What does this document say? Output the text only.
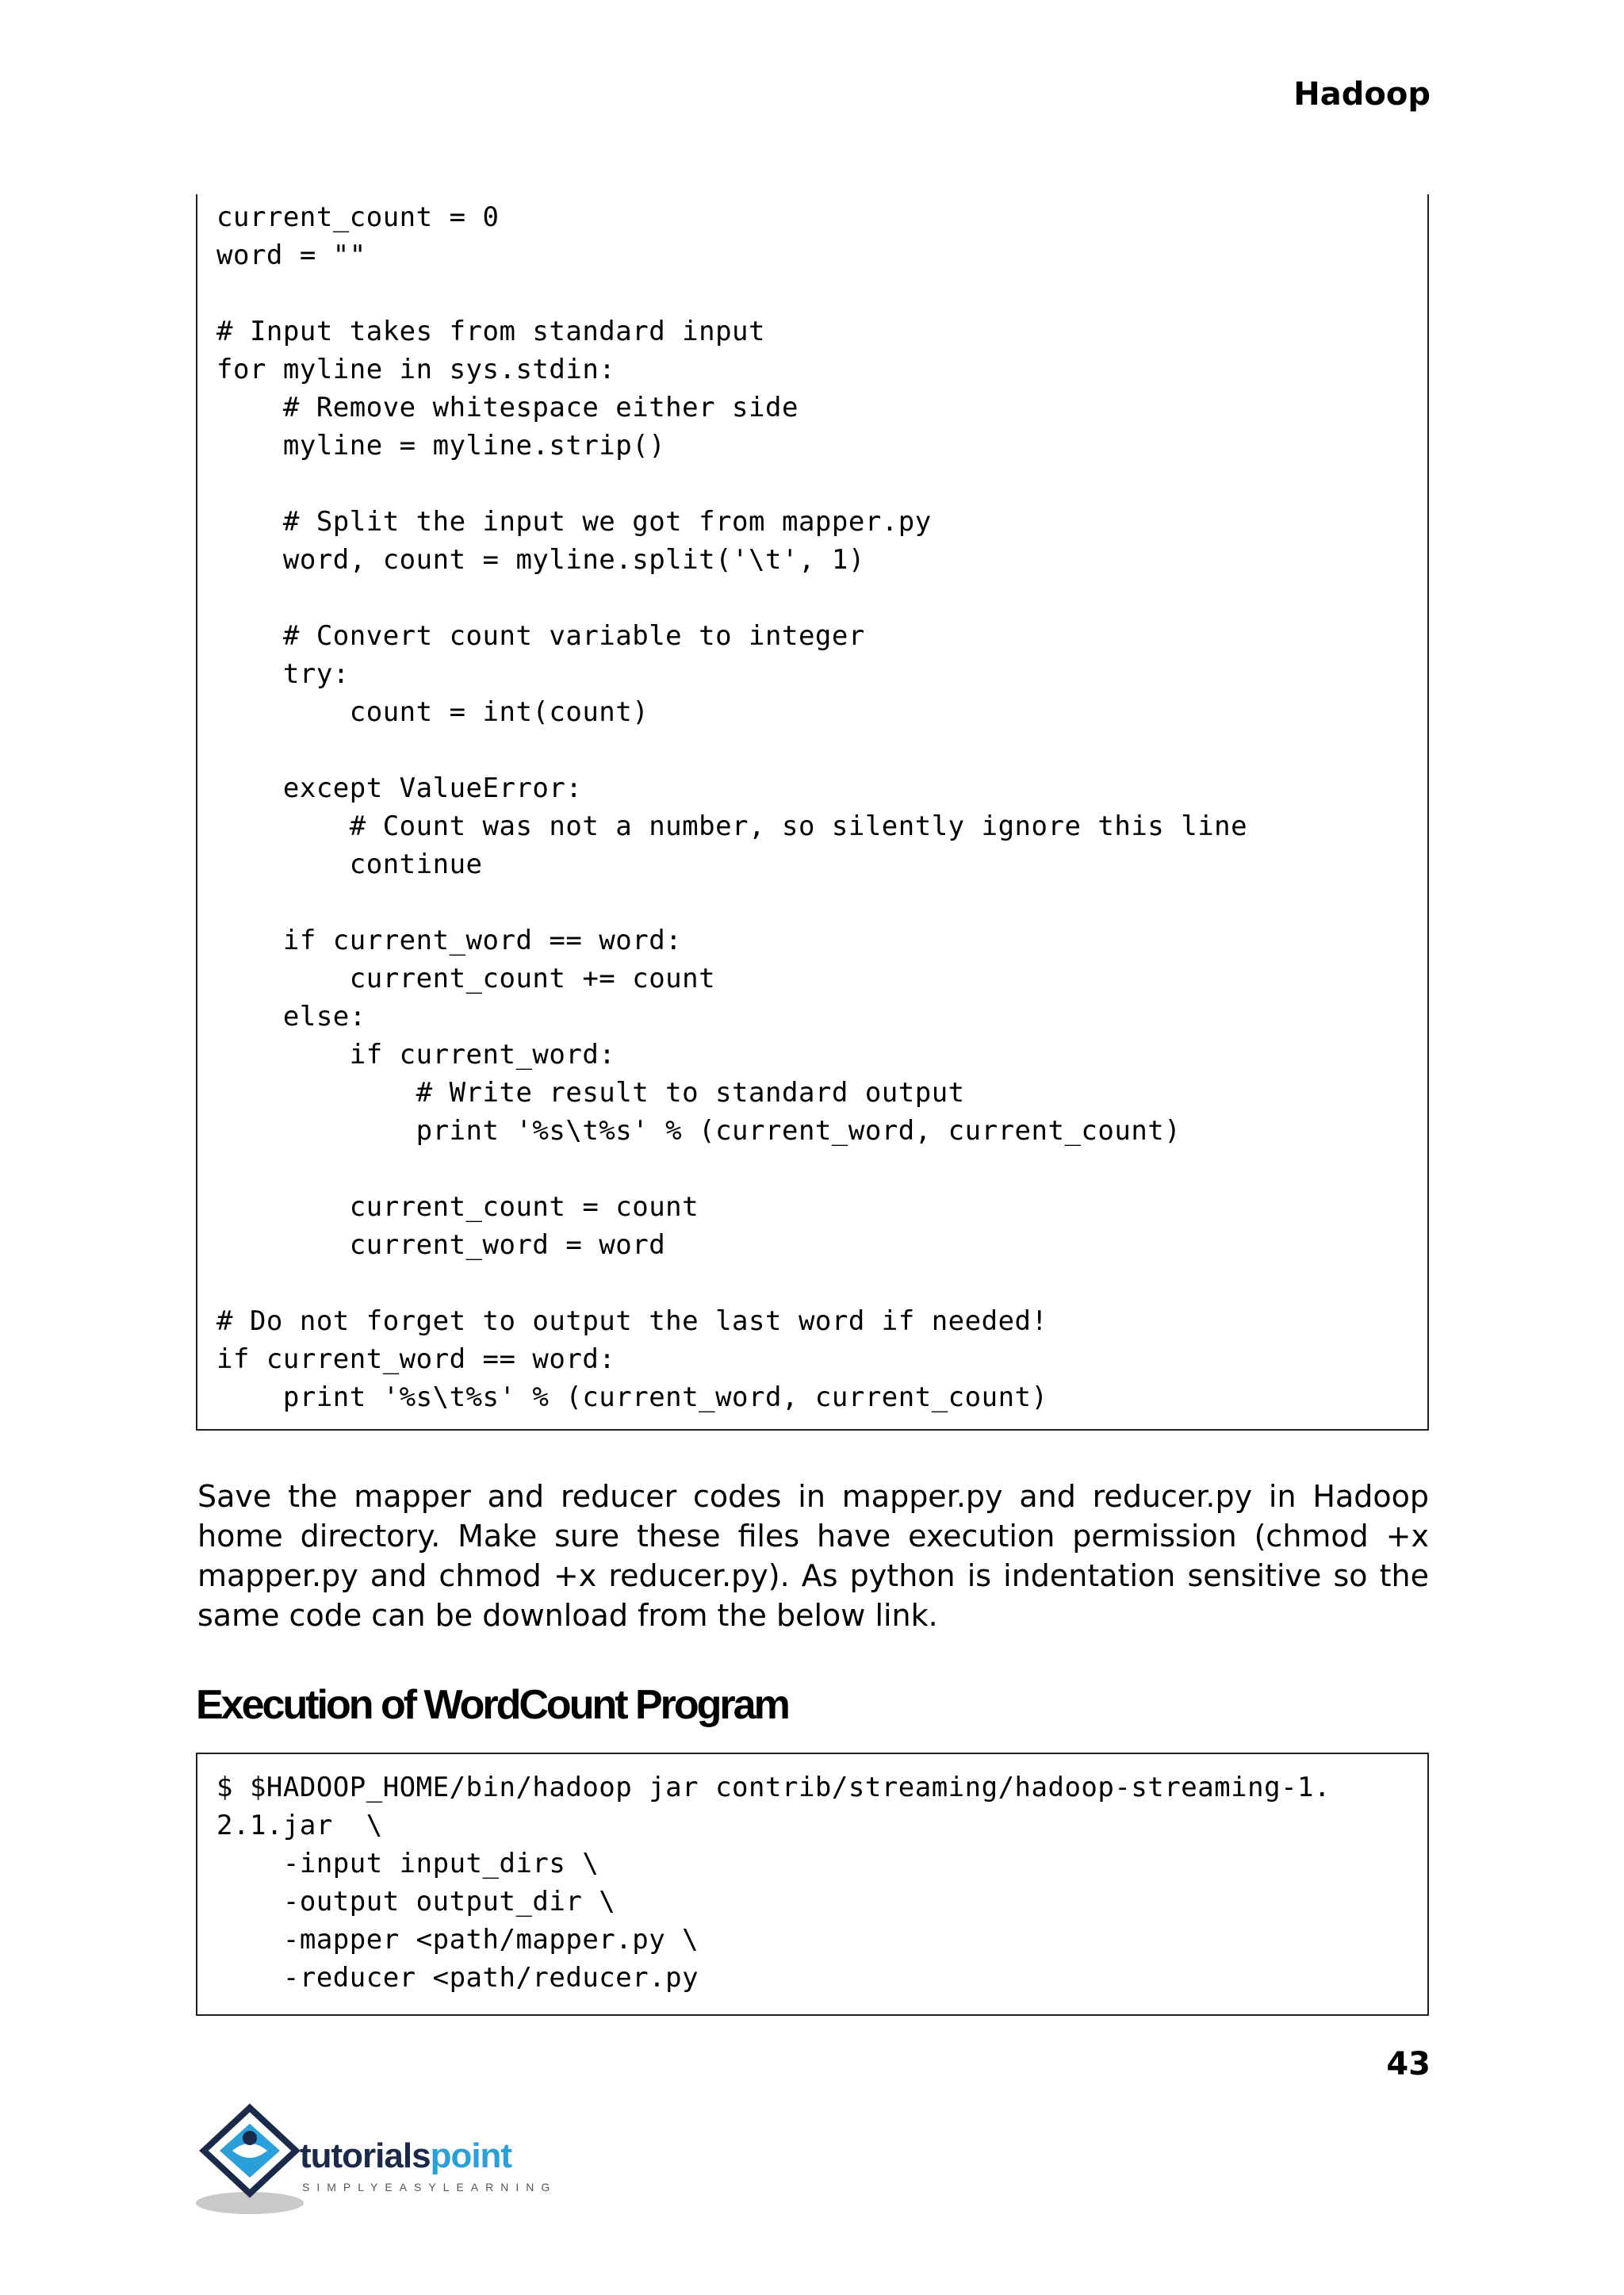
Hadoop
current_count = 0
word = ""
# Input takes from standard input
for myline in sys.stdin:
# Remove whitespace either side
myline = myline.strip()
# Split the input we got from mapper.py
word, count = myline.split('\t', 1)
# Convert count variable to integer
try:
count = int(count)
except ValueError:
# Count was not a number, so silently ignore this line
continue
if current_word == word:
current_count += count
else:
if current_word:
# Write result to standard output
print '%s\t%s' % (current_word, current_count)
current_count = count
current_word = word
# Do not forget to output the last word if needed!
if current_word == word:
print '%s\t%s' % (current_word, current_count)

Save the mapper and reducer codes in mapper.py and reducer.py in Hadoop home directory. Make sure these files have execution permission (chmod +x mapper.py and chmod +x reducer.py). As python is indentation sensitive so the same code can be download from the below link.

Execution of WordCount Program
$ $HADOOP_HOME/bin/hadoop jar contrib/streaming/hadoop-streaming-1.
2.1.jar  \
-input input_dirs \
-output output_dir \
-mapper <path/mapper.py \
-reducer <path/reducer.py
43
tutorialspoint
SIMPLYEASYLEARNING
